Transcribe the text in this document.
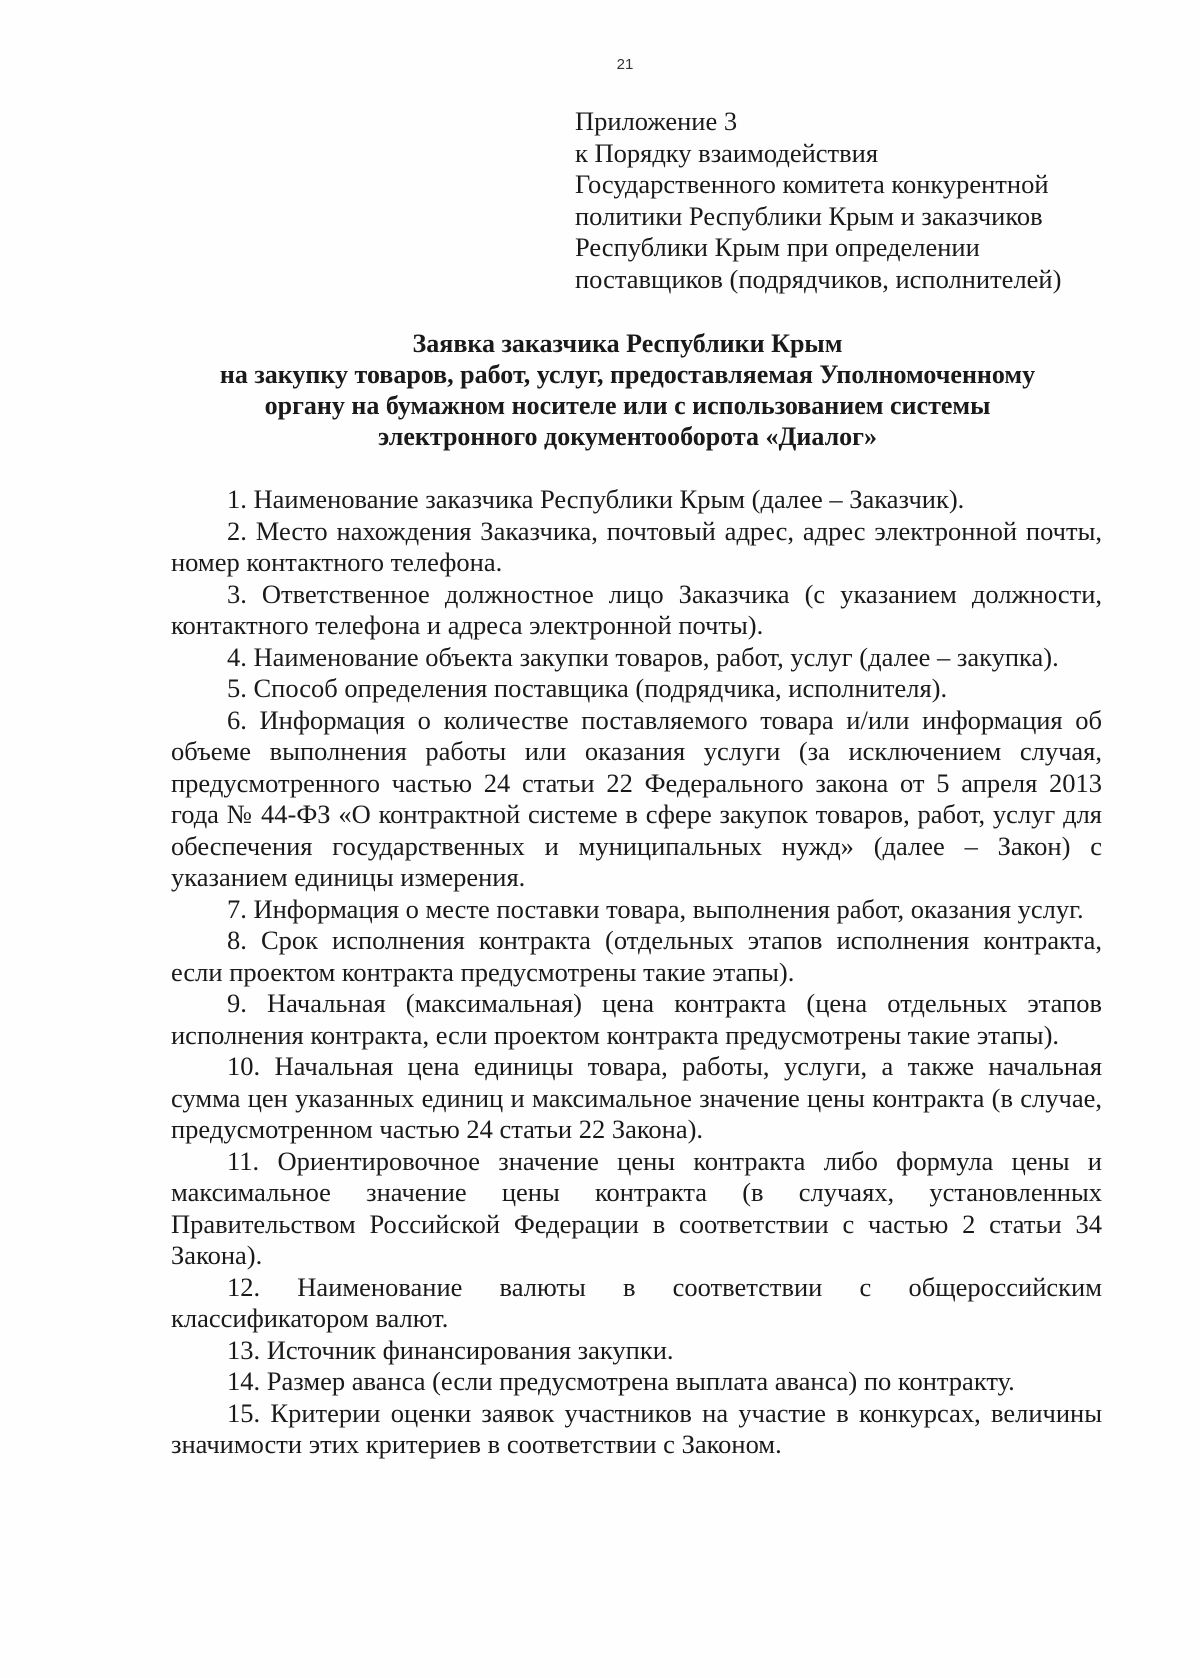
21
Приложение 3
к Порядку взаимодействия
Государственного комитета конкурентной
политики Республики Крым и заказчиков
Республики Крым при определении
поставщиков (подрядчиков, исполнителей)
Заявка заказчика Республики Крым
на закупку товаров, работ, услуг, предоставляемая Уполномоченному
органу на бумажном носителе или с использованием системы
электронного документооборота «Диалог»

1. Наименование заказчика Республики Крым (далее – Заказчик).

2. Место нахождения Заказчика, почтовый адрес, адрес электронной почты, номер контактного телефона.

3. Ответственное должностное лицо Заказчика (с указанием должности, контактного телефона и адреса электронной почты).

4. Наименование объекта закупки товаров, работ, услуг (далее – закупка).

5. Способ определения поставщика (подрядчика, исполнителя).

6. Информация о количестве поставляемого товара и/или информация об объеме выполнения работы или оказания услуги (за исключением случая, предусмотренного частью 24 статьи 22 Федерального закона от 5 апреля 2013 года № 44-ФЗ «О контрактной системе в сфере закупок товаров, работ, услуг для обеспечения государственных и муниципальных нужд» (далее – Закон) с указанием единицы измерения.

7. Информация о месте поставки товара, выполнения работ, оказания услуг.

8. Срок исполнения контракта (отдельных этапов исполнения контракта, если проектом контракта предусмотрены такие этапы).

9. Начальная (максимальная) цена контракта (цена отдельных этапов исполнения контракта, если проектом контракта предусмотрены такие этапы).

10. Начальная цена единицы товара, работы, услуги, а также начальная сумма цен указанных единиц и максимальное значение цены контракта (в случае, предусмотренном частью 24 статьи 22 Закона).

11. Ориентировочное значение цены контракта либо формула цены и максимальное значение цены контракта (в случаях, установленных Правительством Российской Федерации в соответствии с частью 2 статьи 34 Закона).

12. Наименование валюты в соответствии с общероссийским классификатором валют.

13. Источник финансирования закупки.

14. Размер аванса (если предусмотрена выплата аванса) по контракту.

15. Критерии оценки заявок участников на участие в конкурсах, величины значимости этих критериев в соответствии с Законом.
